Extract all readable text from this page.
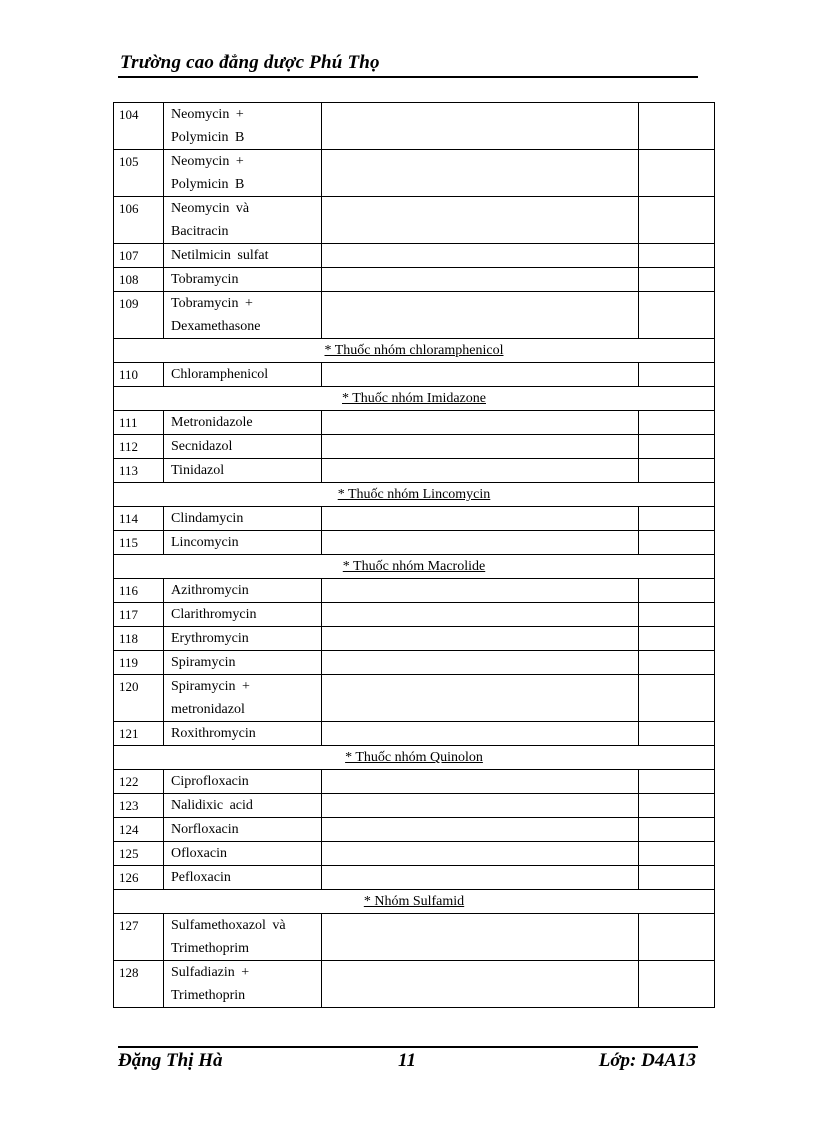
Trường cao đẳng dược Phú Thọ
104	Neomycin +
Polymicin B		

105	Neomycin +
Polymicin B		

106	Neomycin và
Bacitracin		

107	Netilmicin sulfat		

108	Tobramycin		

109	Tobramycin +
Dexamethasone		

* Thuốc nhóm chloramphenicol			
110	Chloramphenicol		

* Thuốc nhóm Imidazone			
111	Metronidazole		

112	Secnidazol		

113	Tinidazol		

* Thuốc nhóm Lincomycin			
114	Clindamycin		

115	Lincomycin		

* Thuốc nhóm Macrolide			
116	Azithromycin		

117	Clarithromycin		

118	Erythromycin		

119	Spiramycin		

120	Spiramycin +
metronidazol		

121	Roxithromycin		

* Thuốc nhóm Quinolon			
122	Ciprofloxacin		

123	Nalidixic acid		

124	Norfloxacin		

125	Ofloxacin		

126	Pefloxacin		

* Nhóm Sulfamid			
127	Sulfamethoxazol và
Trimethoprim		

128	Sulfadiazin +
Trimethoprin		

Đặng Thị Hà	11	Lớp: D4A13
